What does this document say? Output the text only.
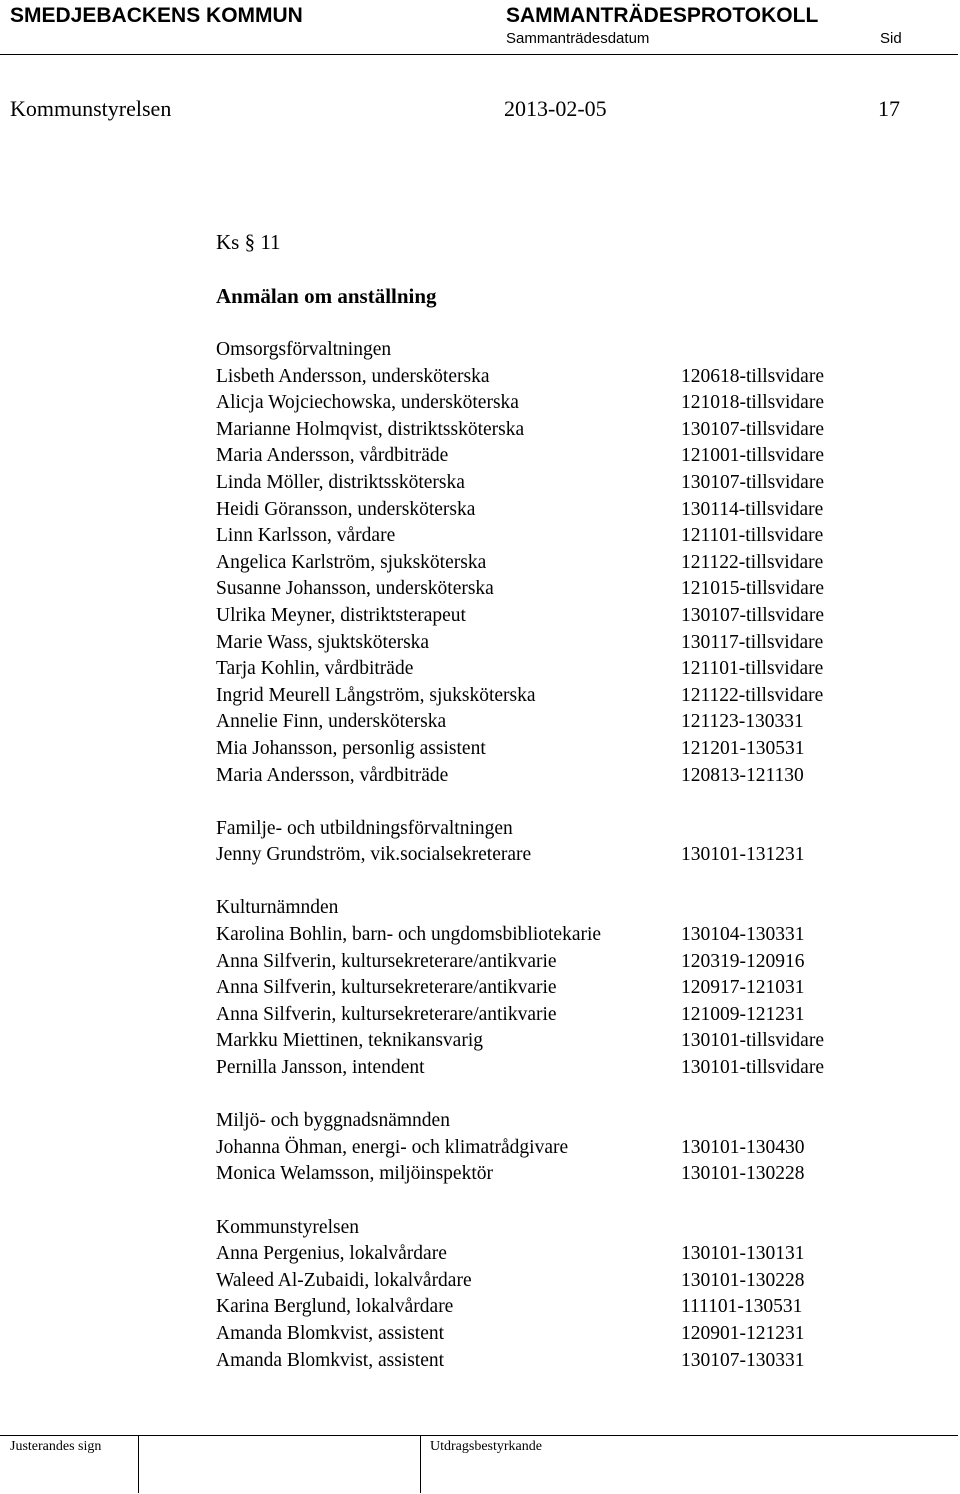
SMEDJEBACKENS KOMMUN	SAMMANTRÄDESPROTOKOLL
Sammanträdesdatum	Sid
Kommunstyrelsen	2013-02-05	17
Ks § 11
Anmälan om anställning
Omsorgsförvaltningen
Lisbeth Andersson, undersköterska	120618-tillsvidare
Alicja Wojciechowska, undersköterska	121018-tillsvidare
Marianne Holmqvist, distriktssköterska	130107-tillsvidare
Maria Andersson, vårdbiträde	121001-tillsvidare
Linda Möller, distriktssköterska	130107-tillsvidare
Heidi Göransson, undersköterska	130114-tillsvidare
Linn Karlsson, vårdare	121101-tillsvidare
Angelica Karlström, sjuksköterska	121122-tillsvidare
Susanne Johansson, undersköterska	121015-tillsvidare
Ulrika Meyner, distriktsterapeut	130107-tillsvidare
Marie Wass, sjuktsköterska	130117-tillsvidare
Tarja Kohlin, vårdbiträde	121101-tillsvidare
Ingrid Meurell Långström, sjuksköterska	121122-tillsvidare
Annelie Finn, undersköterska	121123-130331
Mia Johansson, personlig assistent	121201-130531
Maria Andersson, vårdbiträde	120813-121130
Familje- och utbildningsförvaltningen
Jenny Grundström, vik.socialsekreterare	130101-131231
Kulturnämnden
Karolina Bohlin, barn- och ungdomsbibliotekarie	130104-130331
Anna Silfverin, kultursekreterare/antikvarie	120319-120916
Anna Silfverin, kultursekreterare/antikvarie	120917-121031
Anna Silfverin, kultursekreterare/antikvarie	121009-121231
Markku Miettinen, teknikansvarig	130101-tillsvidare
Pernilla Jansson, intendent	130101-tillsvidare
Miljö- och byggnadsnämnden
Johanna Öhman, energi- och klimatrådgivare	130101-130430
Monica Welamsson, miljöinspektör	130101-130228
Kommunstyrelsen
Anna Pergenius, lokalvårdare	130101-130131
Waleed Al-Zubaidi, lokalvårdare	130101-130228
Karina Berglund, lokalvårdare	111101-130531
Amanda Blomkvist, assistent	120901-121231
Amanda Blomkvist, assistent	130107-130331
Justerandes sign	Utdragsbestyrkande
